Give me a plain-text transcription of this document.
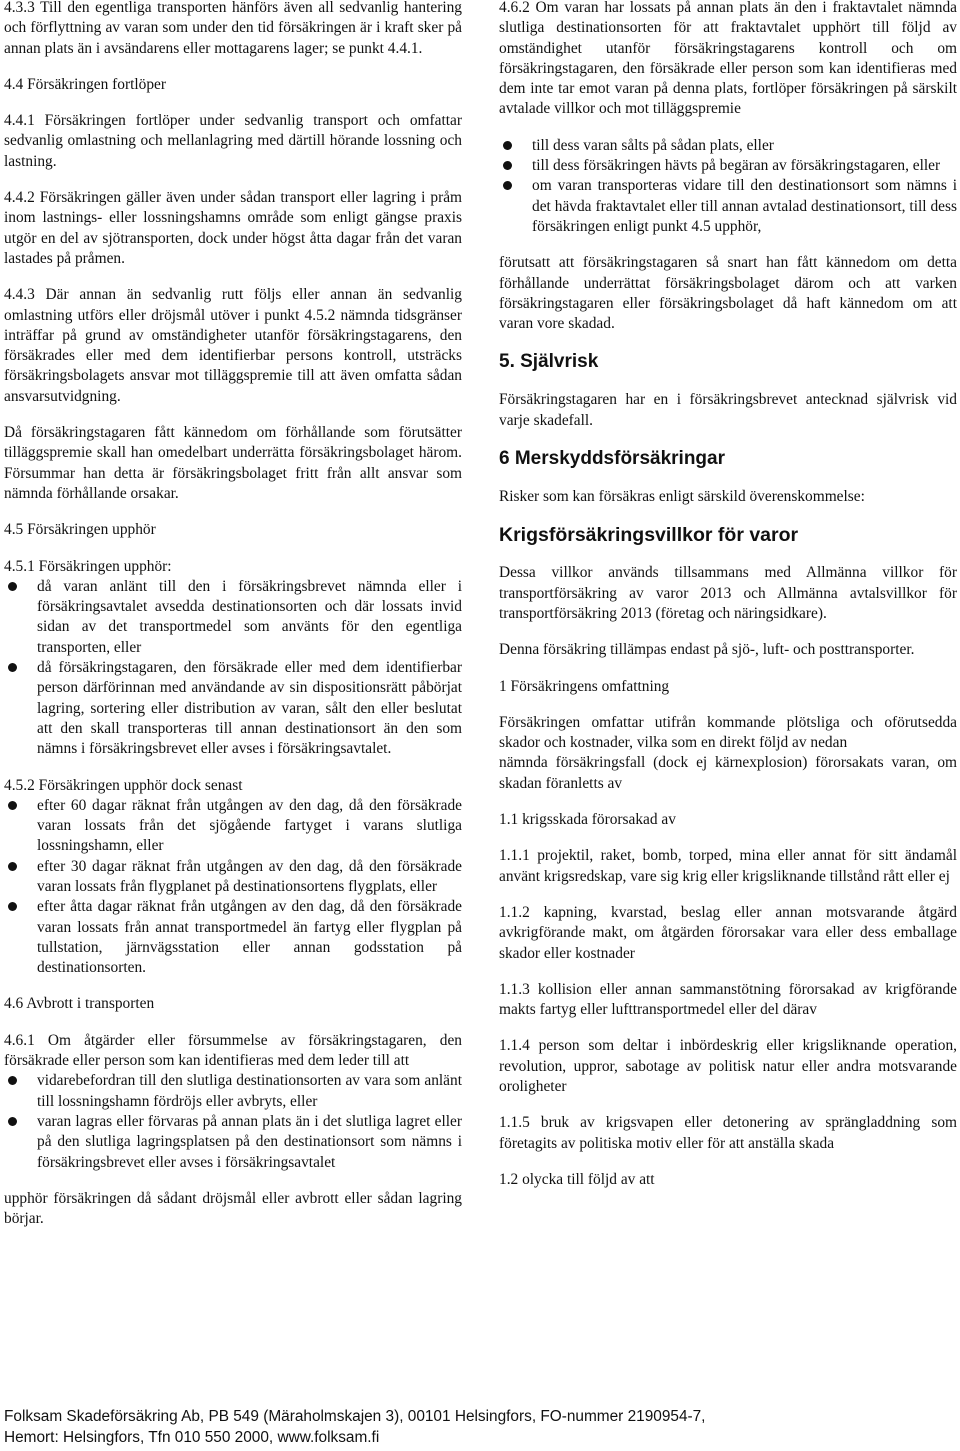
4.3.3 Till den egentliga transporten hänförs även all sedvanlig hantering och förflyttning av varan som under den tid försäkringen är i kraft sker på annan plats än i avsändarens eller mottagarens lager; se punkt 4.4.1.

4.4 Försäkringen fortlöper

4.4.1 Försäkringen fortlöper under sedvanlig transport och omfattar sedvanlig omlastning och mellanlagring med därtill hörande lossning och lastning.

4.4.2 Försäkringen gäller även under sådan transport eller lagring i pråm inom lastnings- eller lossningshamns område som enligt gängse praxis utgör en del av sjötransporten, dock under högst åtta dagar från det varan lastades på pråmen.

4.4.3 Där annan än sedvanlig rutt följs eller annan än sedvanlig omlastning utförs eller dröjsmål utöver i punkt 4.5.2 nämnda tidsgränser inträffar på grund av omständigheter utanför försäkringstagarens, den försäkrades eller med dem identifierbar persons kontroll, utsträcks försäkringsbolagets ansvar mot tilläggspremie till att även omfatta sådan ansvarsutvidgning.

Då försäkringstagaren fått kännedom om förhållande som förutsätter tilläggspremie skall han omedelbart underrätta försäkringsbolaget härom. Försummar han detta är försäkringsbolaget fritt från allt ansvar som nämnda förhållande orsakar.

4.5 Försäkringen upphör

4.5.1 Försäkringen upphör:

då varan anlänt till den i försäkringsbrevet nämnda eller i försäkringsavtalet avsedda destinationsorten och där lossats invid sidan av det transportmedel som använts för den egentliga transporten, eller
då försäkringstagaren, den försäkrade eller med dem identifierbar person därförinnan med användande av sin dispositionsrätt påbörjat lagring, sortering eller distribution av varan, sålt den eller beslutat att den skall transporteras till annan destinationsort än den som nämns i försäkringsbrevet eller avses i försäkringsavtalet.

4.5.2 Försäkringen upphör dock senast

efter 60 dagar räknat från utgången av den dag, då den försäkrade varan lossats från det sjögående fartyget i varans slutliga lossningshamn, eller
efter 30 dagar räknat från utgången av den dag, då den försäkrade varan lossats från flygplanet på destinationsortens flygplats, eller
efter åtta dagar räknat från utgången av den dag, då den försäkrade varan lossats från annat transportmedel än fartyg eller flygplan på tullstation, järnvägsstation eller annan godsstation på destinationsorten.

4.6 Avbrott i transporten

4.6.1 Om åtgärder eller försummelse av försäkringstagaren, den försäkrade eller person som kan identifieras med dem leder till att

vidarebefordran till den slutliga destinationsorten av vara som anlänt till lossningshamn fördröjs eller avbryts, eller
varan lagras eller förvaras på annan plats än i det slutliga lagret eller på den slutliga lagringsplatsen på den destinationsort som nämns i försäkringsbrevet eller avses i försäkringsavtalet

upphör försäkringen då sådant dröjsmål eller avbrott eller sådan lagring börjar.

4.6.2 Om varan har lossats på annan plats än den i fraktavtalet nämnda slutliga destinationsorten för att fraktavtalet upphört till följd av omständighet utanför försäkringstagarens kontroll och om försäkringstagaren, den försäkrade eller person som kan identifieras med dem inte tar emot varan på denna plats, fortlöper försäkringen på särskilt avtalade villkor och mot tilläggspremie

till dess varan sålts på sådan plats, eller
till dess försäkringen hävts på begäran av försäkringstagaren, eller
om varan transporteras vidare till den destinationsort som nämns i det hävda fraktavtalet eller till annan avtalad destinationsort, till dess försäkringen enligt punkt 4.5 upphör,

förutsatt att försäkringstagaren så snart han fått kännedom om detta förhållande underrättat försäkringsbolaget därom och att varken försäkringstagaren eller försäkringsbolaget då haft kännedom om att varan vore skadad.

5. Självrisk

Försäkringstagaren har en i försäkringsbrevet antecknad självrisk vid varje skadefall.

6 Merskyddsförsäkringar

Risker som kan försäkras enligt särskild överenskommelse:

Krigsförsäkringsvillkor för varor

Dessa villkor används tillsammans med Allmänna villkor för transportförsäkring av varor 2013 och Allmänna avtalsvillkor för transportförsäkring 2013 (företag och näringsidkare).

Denna försäkring tillämpas endast på sjö-, luft- och posttransporter.

1 Försäkringens omfattning

Försäkringen omfattar utifrån kommande plötsliga och oförutsedda skador och kostnader, vilka som en direkt följd av nedan

nämnda försäkringsfall (dock ej kärnexplosion) förorsakats varan, om skadan föranletts av

1.1 krigsskada förorsakad av

1.1.1 projektil, raket, bomb, torped, mina eller annat för sitt ändamål använt krigsredskap, vare sig krig eller krigsliknande tillstånd rått eller ej

1.1.2 kapning, kvarstad, beslag eller annan motsvarande åtgärd avkrigförande makt, om åtgärden förorsakar vara eller dess emballage skador eller kostnader

1.1.3 kollision eller annan sammanstötning förorsakad av krigförande makts fartyg eller lufttransportmedel eller del därav

1.1.4 person som deltar i inbördeskrig eller krigsliknande operation, revolution, uppror, sabotage av politisk natur eller andra motsvarande oroligheter

1.1.5 bruk av krigsvapen eller detonering av sprängladdning som företagits av politiska motiv eller för att anställa skada

1.2 olycka till följd av att

Folksam Skadeförsäkring Ab, PB 549 (Märaholmskajen 3), 00101 Helsingfors, FO-nummer 2190954-7,
Hemort: Helsingfors, Tfn 010 550 2000, www.folksam.fi
